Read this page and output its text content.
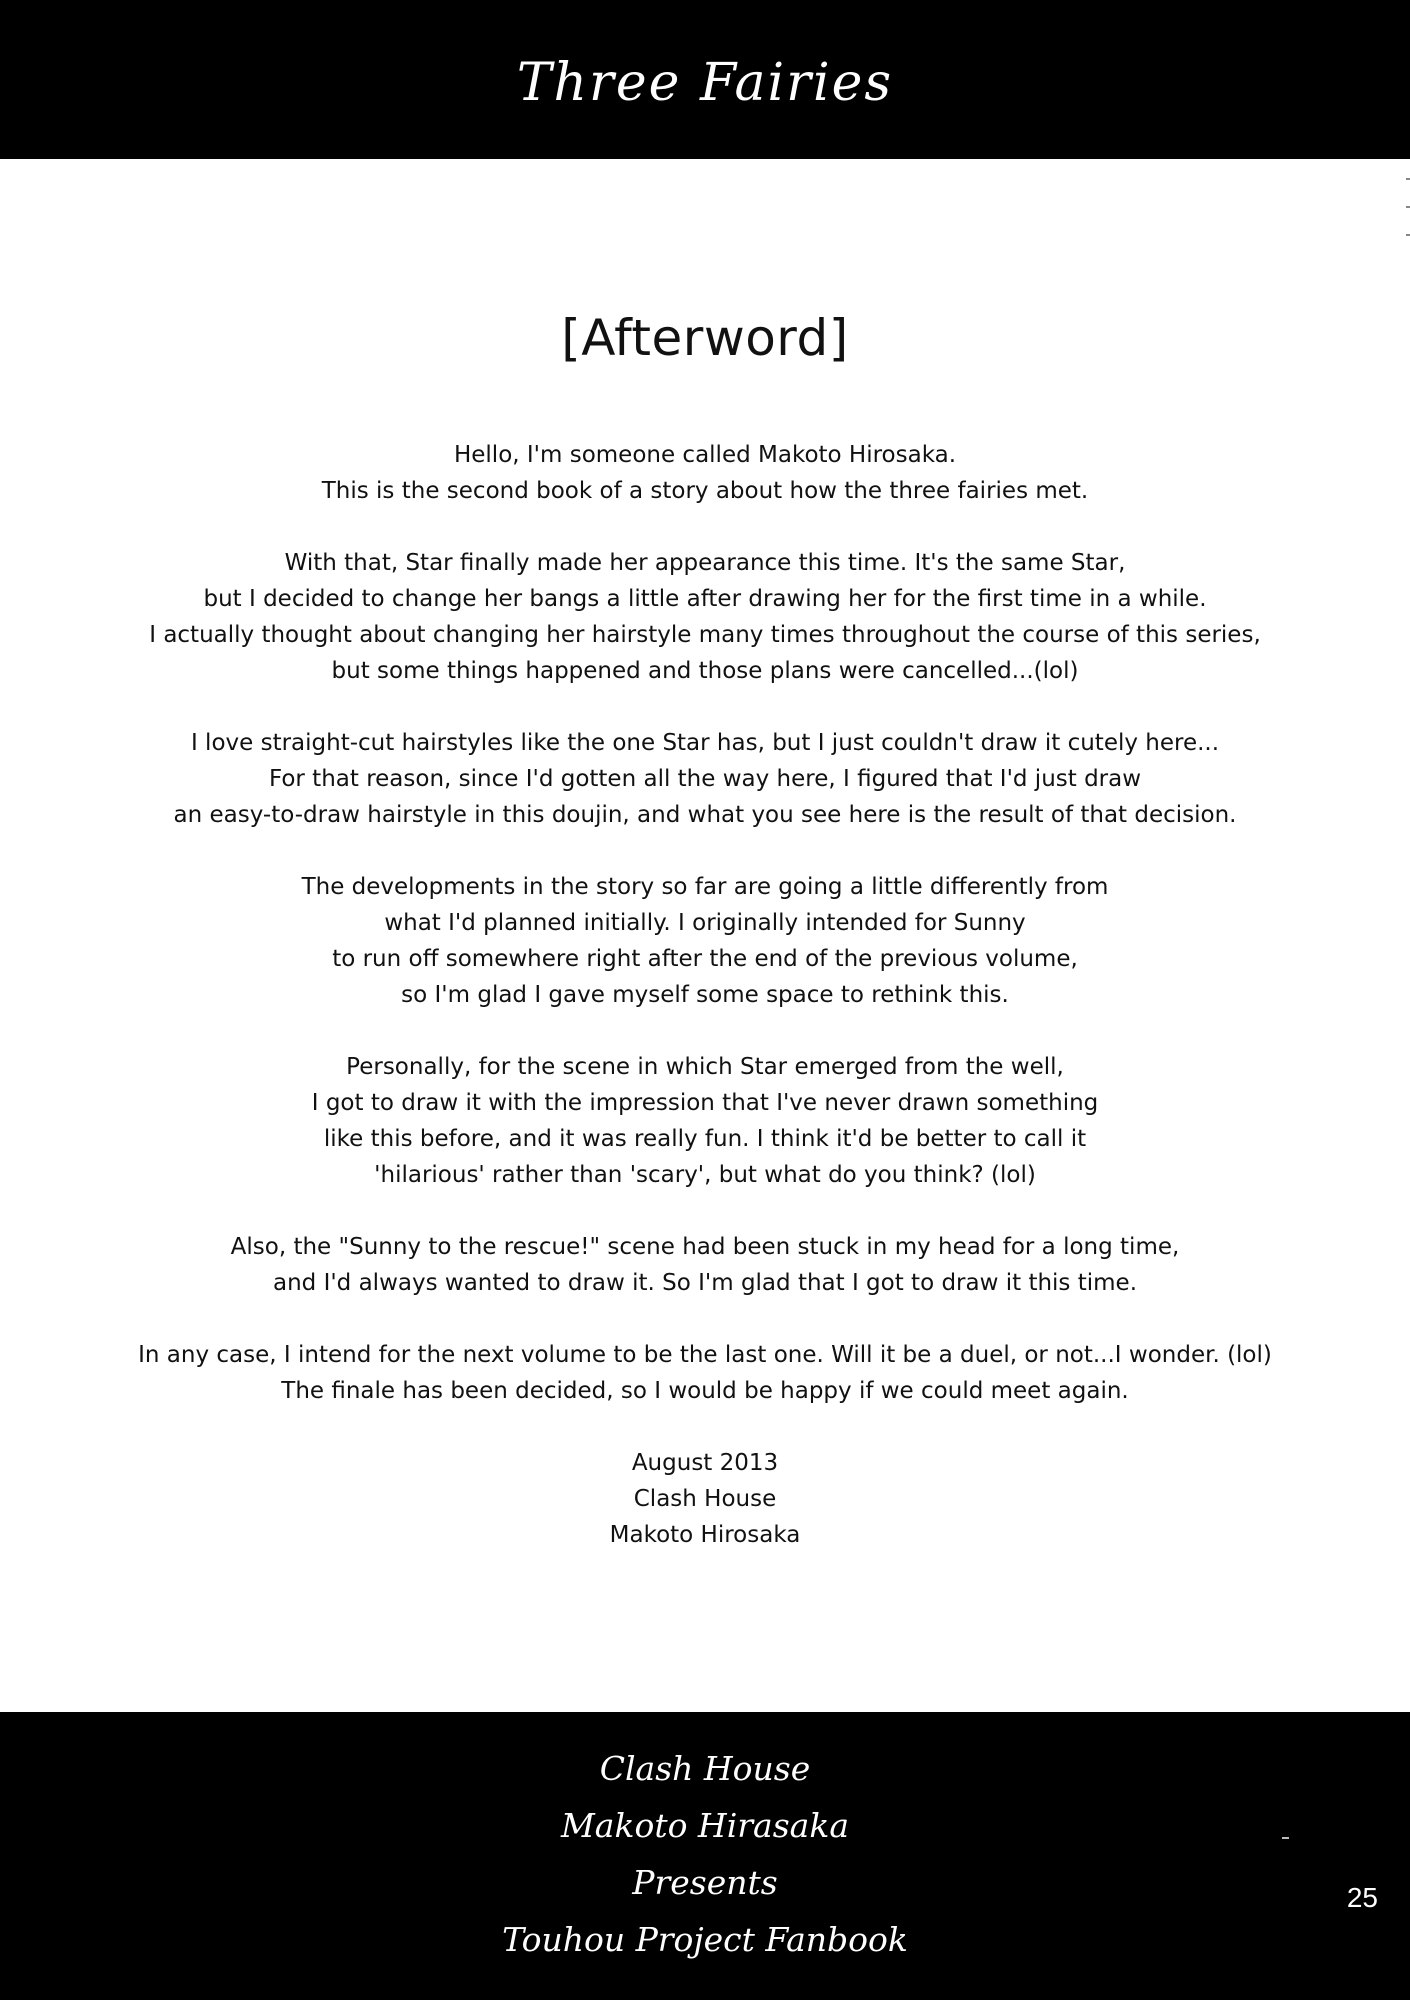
Three Fairies
[Afterword]
Hello, I'm someone called Makoto Hirosaka.
This is the second book of a story about how the three fairies met.
With that, Star finally made her appearance this time. It's the same Star,
but I decided to change her bangs a little after drawing her for the first time in a while.
I actually thought about changing her hairstyle many times throughout the course of this series,
but some things happened and those plans were cancelled...(lol)
I love straight-cut hairstyles like the one Star has, but I just couldn't draw it cutely here...
For that reason, since I'd gotten all the way here, I figured that I'd just draw
an easy-to-draw hairstyle in this doujin, and what you see here is the result of that decision.
The developments in the story so far are going a little differently from
what I'd planned initially. I originally intended for Sunny
to run off somewhere right after the end of the previous volume,
so I'm glad I gave myself some space to rethink this.
Personally, for the scene in which Star emerged from the well,
I got to draw it with the impression that I've never drawn something
like this before, and it was really fun. I think it'd be better to call it
'hilarious' rather than 'scary', but what do you think? (lol)
Also, the "Sunny to the rescue!" scene had been stuck in my head for a long time,
and I'd always wanted to draw it. So I'm glad that I got to draw it this time.
In any case, I intend for the next volume to be the last one. Will it be a duel, or not...I wonder. (lol)
The finale has been decided, so I would be happy if we could meet again.
August 2013
Clash House
Makoto Hirosaka
Clash House
Makoto Hirasaka
Presents
Touhou Project Fanbook
25
